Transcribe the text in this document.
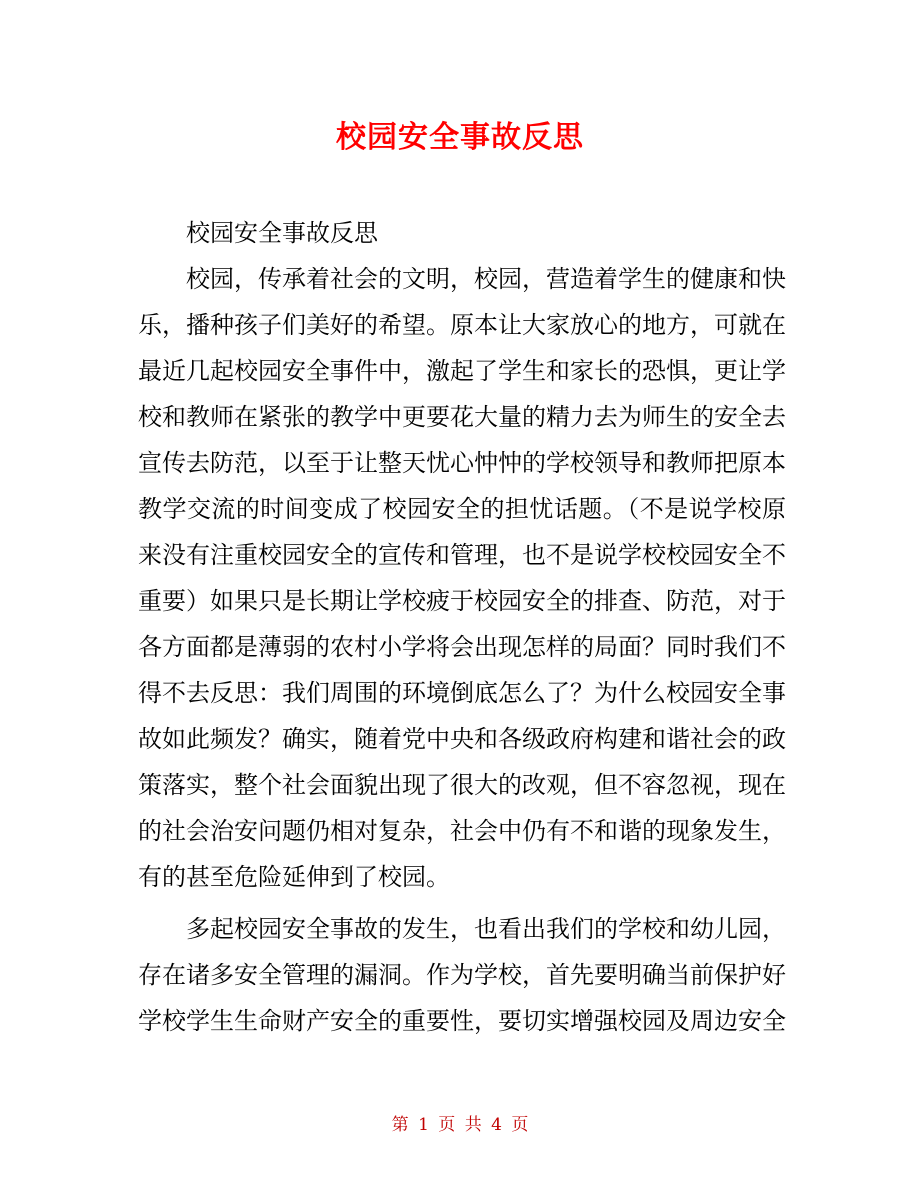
校园安全事故反思
校园安全事故反思
校园，传承着社会的文明，校园，营造着学生的健康和快
乐，播种孩子们美好的希望。原本让大家放心的地方，可就在
最近几起校园安全事件中，激起了学生和家长的恐惧，更让学
校和教师在紧张的教学中更要花大量的精力去为师生的安全去
宣传去防范，以至于让整天忧心忡忡的学校领导和教师把原本
教学交流的时间变成了校园安全的担忧话题。（不是说学校原
来没有注重校园安全的宣传和管理，也不是说学校校园安全不
重要）如果只是长期让学校疲于校园安全的排查、防范，对于
各方面都是薄弱的农村小学将会出现怎样的局面？同时我们不
得不去反思：我们周围的环境倒底怎么了？为什么校园安全事
故如此频发？确实，随着党中央和各级政府构建和谐社会的政
策落实，整个社会面貌出现了很大的改观，但不容忽视，现在
的社会治安问题仍相对复杂，社会中仍有不和谐的现象发生，
有的甚至危险延伸到了校园。
多起校园安全事故的发生，也看出我们的学校和幼儿园，
存在诸多安全管理的漏洞。作为学校，首先要明确当前保护好
学校学生生命财产安全的重要性，要切实增强校园及周边安全
第 1 页 共 4 页
